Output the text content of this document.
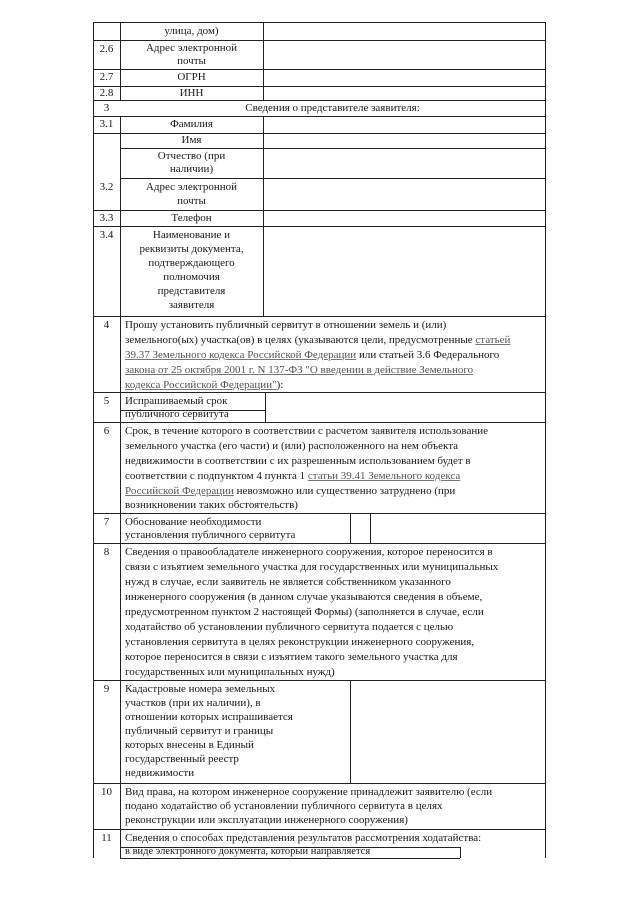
улица, дом)
2.6	Адрес электронной
почты
2.7	ОГРН
2.8	ИНН
3	Сведения о представителе заявителя:
3.1	Фамилия
Имя
Отчество (при
наличии)
3.2	Адрес электронной
почты
3.3	Телефон
3.4	Наименование и
реквизиты документа,
подтверждающего
полномочия
представителя
заявителя
4	Прошу установить публичный сервитут в отношении земель и (или)
земельного(ых) участка(ов) в целях (указываются цели, предусмотренные статьей
39.37 Земельного кодекса Российской Федерации или статьей 3.6 Федерального
закона от 25 октября 2001 г. N 137-ФЗ "О введении в действие Земельного
кодекса Российской Федерации"):
5	Испрашиваемый срок
публичного сервитута
6	Срок, в течение которого в соответствии с расчетом заявителя использование
земельного участка (его части) и (или) расположенного на нем объекта
недвижимости в соответствии с их разрешенным использованием будет в
соответствии с подпунктом 4 пункта 1 статьи 39.41 Земельного кодекса
Российской Федерации невозможно или существенно затруднено (при
возникновении таких обстоятельств)
7	Обоснование необходимости
установления публичного сервитута
8	Сведения о правообладателе инженерного сооружения, которое переносится в
связи с изъятием земельного участка для государственных или муниципальных
нужд в случае, если заявитель не является собственником указанного
инженерного сооружения (в данном случае указываются сведения в объеме,
предусмотренном пунктом 2 настоящей Формы) (заполняется в случае, если
ходатайство об установлении публичного сервитута подается с целью
установления сервитута в целях реконструкции инженерного сооружения,
которое переносится в связи с изъятием такого земельного участка для
государственных или муниципальных нужд)
9	Кадастровые номера земельных
участков (при их наличии), в
отношении которых испрашивается
публичный сервитут и границы
которых внесены в Единый
государственный реестр
недвижимости
10	Вид права, на котором инженерное сооружение принадлежит заявителю (если
подано ходатайство об установлении публичного сервитута в целях
реконструкции или эксплуатации инженерного сооружения)
11	Сведения о способах представления результатов рассмотрения ходатайства:
в виде электронного документа, который направляется
